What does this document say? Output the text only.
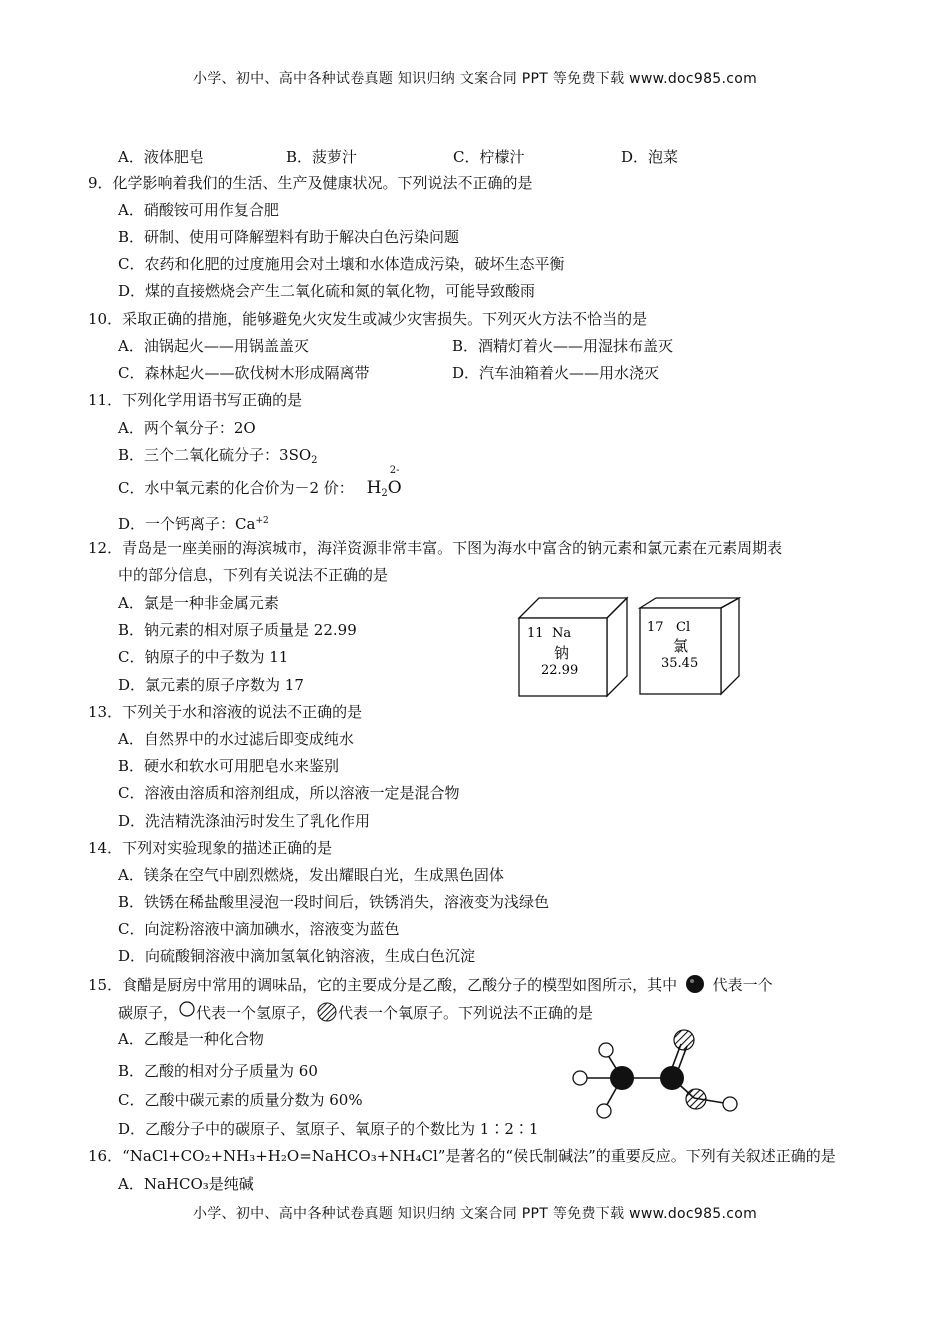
小学、初中、高中各种试卷真题 知识归纳 文案合同 PPT 等免费下载 www.doc985.com
A．液体肥皂	B．菠萝汁	C．柠檬汁	D．泡菜
9．化学影响着我们的生活、生产及健康状况。下列说法不正确的是
A．硝酸铵可用作复合肥
B．研制、使用可降解塑料有助于解决白色污染问题
C．农药和化肥的过度施用会对土壤和水体造成污染，破坏生态平衡
D．煤的直接燃烧会产生二氧化硫和氮的氧化物，可能导致酸雨
10．采取正确的措施，能够避免火灾发生或减少灾害损失。下列灭火方法不恰当的是
A．油锅起火——用锅盖盖灭	B．酒精灯着火——用湿抹布盖灭
C．森林起火——砍伐树木形成隔离带	D．汽车油箱着火——用水浇灭
11．下列化学用语书写正确的是
A．两个氧分子：2O
B．三个二氧化硫分子：$3SO_2$
C．水中氧元素的化合价为－2 价： $H_2O$
2-
D．一个钙离子：$Ca^{+2}$
12．青岛是一座美丽的海滨城市，海洋资源非常丰富。下图为海水中富含的钠元素和氯元素在元素周期表
中的部分信息，下列有关说法不正确的是
A．氯是一种非金属元素
B．钠元素的相对原子质量是 22.99
C．钠原子的中子数为 11
D．氯元素的原子序数为 17
11 Na
钠
22.99
17 Cl
氯
35.45
13．下列关于水和溶液的说法不正确的是
A．自然界中的水过滤后即变成纯水
B．硬水和软水可用肥皂水来鉴别
C．溶液由溶质和溶剂组成，所以溶液一定是混合物
D．洗洁精洗涤油污时发生了乳化作用
14．下列对实验现象的描述正确的是
A．镁条在空气中剧烈燃烧，发出耀眼白光，生成黑色固体
B．铁锈在稀盐酸里浸泡一段时间后，铁锈消失，溶液变为浅绿色
C．向淀粉溶液中滴加碘水，溶液变为蓝色
D．向硫酸铜溶液中滴加氢氧化钠溶液，生成白色沉淀
15．食醋是厨房中常用的调味品，它的主要成分是乙酸，乙酸分子的模型如图所示，其中 代表一个
碳原子， 代表一个氢原子， 代表一个氧原子。下列说法不正确的是
A．乙酸是一种化合物
B．乙酸的相对分子质量为 60
C．乙酸中碳元素的质量分数为 60%
D．乙酸分子中的碳原子、氢原子、氧原子的个数比为 1∶2∶1
16．“NaCl+CO₂+NH₃+H₂O=NaHCO₃+NH₄Cl”是著名的“侯氏制碱法”的重要反应。下列有关叙述正确的是
A．NaHCO₃是纯碱
小学、初中、高中各种试卷真题 知识归纳 文案合同 PPT 等免费下载 www.doc985.com
